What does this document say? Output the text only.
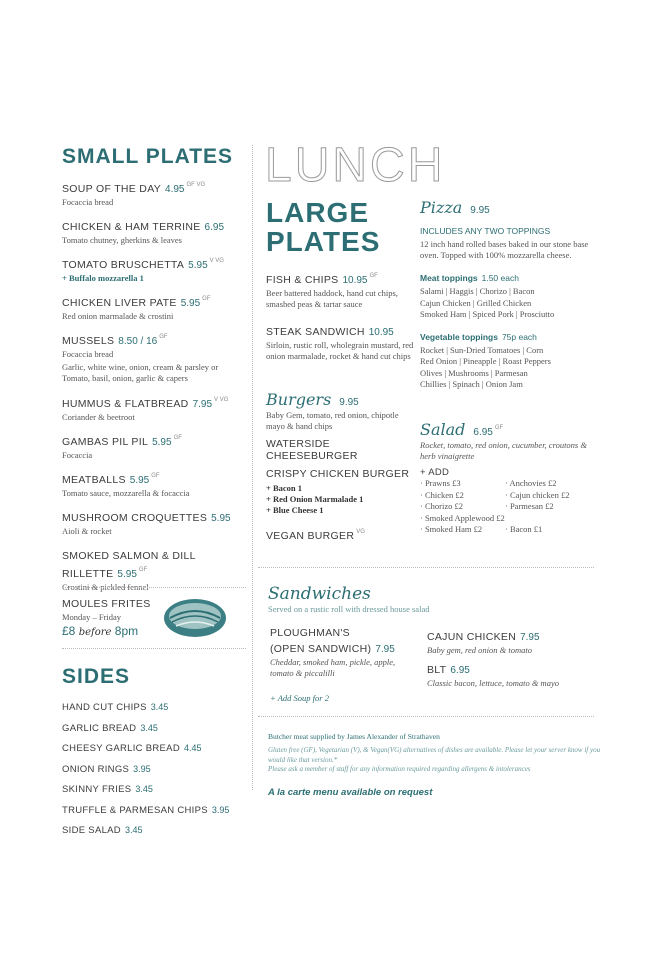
SMALL PLATES
SOUP OF THE DAY 4.95 $^{GF VG}$
Focaccia bread
CHICKEN & HAM TERRINE 6.95
Tomato chutney, gherkins & leaves
TOMATO BRUSCHETTA 5.95 $^{V VG}$
+ Buffalo mozzarella 1
CHICKEN LIVER PATE 5.95 $^{GF}$
Red onion marmalade & crostini
MUSSELS 8.50 / 16 $^{GF}$
Focaccia bread
Garlic, white wine, onion, cream & parsley or Tomato, basil, onion, garlic & capers
HUMMUS & FLATBREAD 7.95 $^{V VG}$
Coriander & beetroot
GAMBAS PIL PIL 5.95 $^{GF}$
Focaccia
MEATBALLS 5.95 $^{GF}$
Tomato sauce, mozzarella & focaccia
MUSHROOM CROQUETTES 5.95
Aioli & rocket
SMOKED SALMON & DILL RILLETTE 5.95 $^{GF}$
Crostini & pickled fennel
MOULES FRITES
Monday – Friday
£8 before 8pm
SIDES
HAND CUT CHIPS 3.45
GARLIC BREAD 3.45
CHEESY GARLIC BREAD 4.45
ONION RINGS 3.95
SKINNY FRIES 3.45
TRUFFLE & PARMESAN CHIPS 3.95
SIDE SALAD 3.45
LUNCH
LARGE
PLATES
FISH & CHIPS 10.95 $^{GF}$
Beer battered haddock, hand cut chips, smashed peas & tartar sauce
STEAK SANDWICH 10.95
Sirloin, rustic roll, wholegrain mustard, red onion marmalade, rocket & hand cut chips
Burgers 9.95
Baby Gem, tomato, red onion, chipotle mayo & hand chips
WATERSIDE CHEESEBURGER
CRISPY CHICKEN BURGER
+ Bacon 1
+ Red Onion Marmalade 1
+ Blue Cheese 1
VEGAN BURGER $^{VG}$
Pizza 9.95
INCLUDES ANY TWO TOPPINGS
12 inch hand rolled bases baked in our stone base oven. Topped with 100% mozzarella cheese.
Meat toppings 1.50 each
Salami | Haggis | Chorizo | Bacon
Cajun Chicken | Grilled Chicken
Smoked Ham | Spiced Pork | Prosciutto
Vegetable toppings 75p each
Rocket | Sun-Dried Tomatoes | Corn
Red Onion | Pineapple | Roast Peppers
Olives | Mushrooms | Parmesan
Chillies | Spinach | Onion Jam
Salad 6.95 $^{GF}$
Rocket, tomato, red onion, cucumber, croutons & herb vinaigrette
+ ADD
· Prawns £3	· Anchovies £2
· Chicken £2	· Cajun chicken £2
· Chorizo £2	· Parmesan £2
· Smoked Applewood £2
· Smoked Ham £2	· Bacon £1
Sandwiches
Served on a rustic roll with dressed house salad
PLOUGHMAN'S
(OPEN SANDWICH) 7.95
Cheddar, smoked ham, pickle, apple, tomato & piccalilli
+ Add Soup for 2
CAJUN CHICKEN 7.95
Baby gem, red onion & tomato
BLT 6.95
Classic bacon, lettuce, tomato & mayo
Butcher meat supplied by James Alexander of Strathaven
Gluten free (GF), Vegetarian (V), & Vegan(VG) alternatives of dishes are available. Please let your server know if you would like that version.*
Please ask a member of staff for any information required regarding allergens & intolerances
A la carte menu available on request
